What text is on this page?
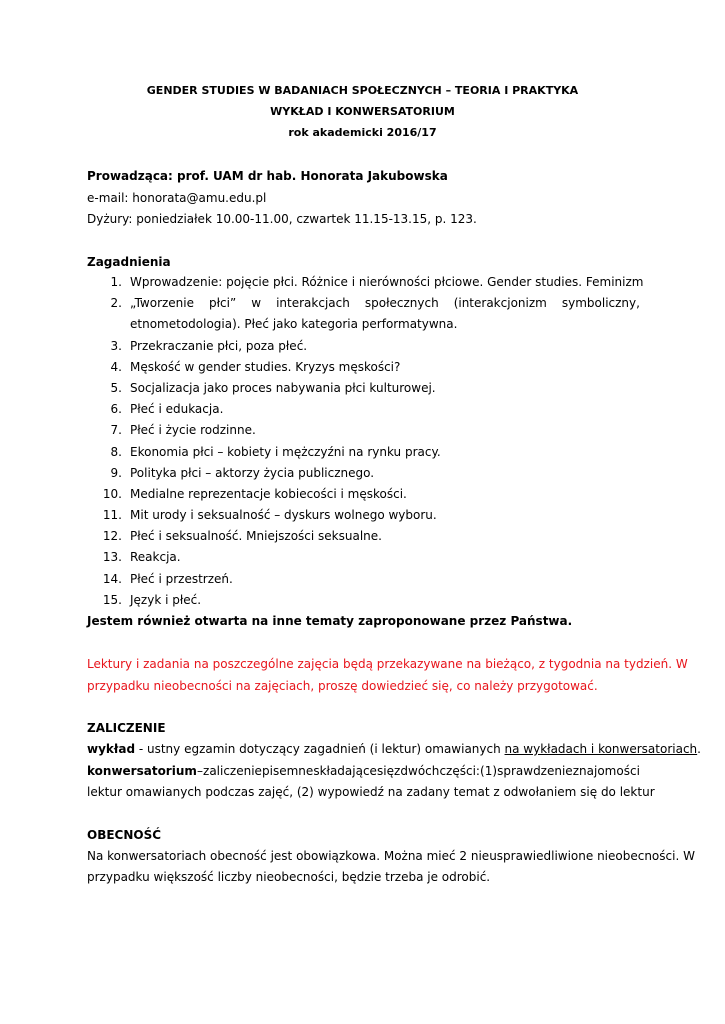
GENDER STUDIES W BADANIACH SPOŁECZNYCH – TEORIA I PRAKTYKA
WYKŁAD I KONWERSATORIUM
rok akademicki 2016/17
Prowadząca: prof. UAM dr hab. Honorata Jakubowska
e-mail: honorata@amu.edu.pl
Dyżury: poniedziałek 10.00-11.00, czwartek 11.15-13.15, p. 123.
Zagadnienia
1. Wprowadzenie: pojęcie płci. Różnice i nierówności płciowe. Gender studies. Feminizm
2. „Tworzenie płci” w interakcjach społecznych (interakcjonizm symboliczny,
etnometodologia). Płeć jako kategoria performatywna.
3. Przekraczanie płci, poza płeć.
4. Męskość w gender studies. Kryzys męskości?
5. Socjalizacja jako proces nabywania płci kulturowej.
6. Płeć i edukacja.
7. Płeć i życie rodzinne.
8. Ekonomia płci – kobiety i mężczyźni na rynku pracy.
9. Polityka płci – aktorzy życia publicznego.
10. Medialne reprezentacje kobiecości i męskości.
11. Mit urody i seksualność – dyskurs wolnego wyboru.
12. Płeć i seksualność. Mniejszości seksualne.
13. Reakcja.
14. Płeć i przestrzeń.
15. Język i płeć.
Jestem również otwarta na inne tematy zaproponowane przez Państwa.
Lektury i zadania na poszczególne zajęcia będą przekazywane na bieżąco, z tygodnia na tydzień. W
przypadku nieobecności na zajęciach, proszę dowiedzieć się, co należy przygotować.
ZALICZENIE
wykład - ustny egzamin dotyczący zagadnień (i lektur) omawianych na wykładach i konwersatoriach.
konwersatorium – zaliczenie pisemne składające się z dwóch części: (1) sprawdzenie znajomości
lektur omawianych podczas zajęć, (2) wypowiedź na zadany temat z odwołaniem się do lektur
OBECNOŚĆ
Na konwersatoriach obecność jest obowiązkowa. Można mieć 2 nieusprawiedliwione nieobecności. W
przypadku większość liczby nieobecności, będzie trzeba je odrobić.
